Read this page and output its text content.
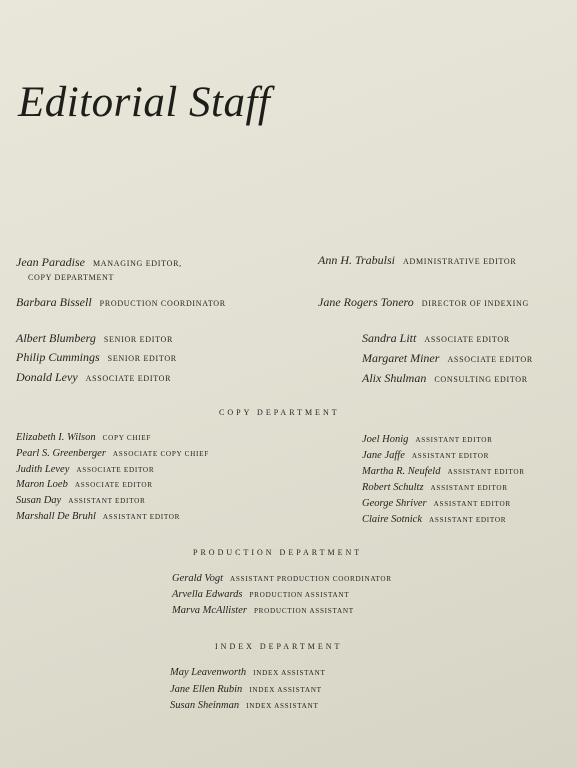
Editorial Staff
Jean Paradise MANAGING EDITOR,
COPY DEPARTMENT
Barbara Bissell PRODUCTION COORDINATOR
Ann H. Trabulsi ADMINISTRATIVE EDITOR
Jane Rogers Tonero DIRECTOR OF INDEXING
Albert Blumberg SENIOR EDITOR
Philip Cummings SENIOR EDITOR
Donald Levy ASSOCIATE EDITOR
Sandra Litt ASSOCIATE EDITOR
Margaret Miner ASSOCIATE EDITOR
Alix Shulman CONSULTING EDITOR
COPY DEPARTMENT
Elizabeth I. Wilson COPY CHIEF
Pearl S. Greenberger ASSOCIATE COPY CHIEF
Judith Levey ASSOCIATE EDITOR
Maron Loeb ASSOCIATE EDITOR
Susan Day ASSISTANT EDITOR
Marshall De Bruhl ASSISTANT EDITOR
Joel Honig ASSISTANT EDITOR
Jane Jaffe ASSISTANT EDITOR
Martha R. Neufeld ASSISTANT EDITOR
Robert Schultz ASSISTANT EDITOR
George Shriver ASSISTANT EDITOR
Claire Sotnick ASSISTANT EDITOR
PRODUCTION DEPARTMENT
Gerald Vogt ASSISTANT PRODUCTION COORDINATOR
Arvella Edwards PRODUCTION ASSISTANT
Marva McAllister PRODUCTION ASSISTANT
INDEX DEPARTMENT
May Leavenworth INDEX ASSISTANT
Jane Ellen Rubin INDEX ASSISTANT
Susan Sheinman INDEX ASSISTANT
